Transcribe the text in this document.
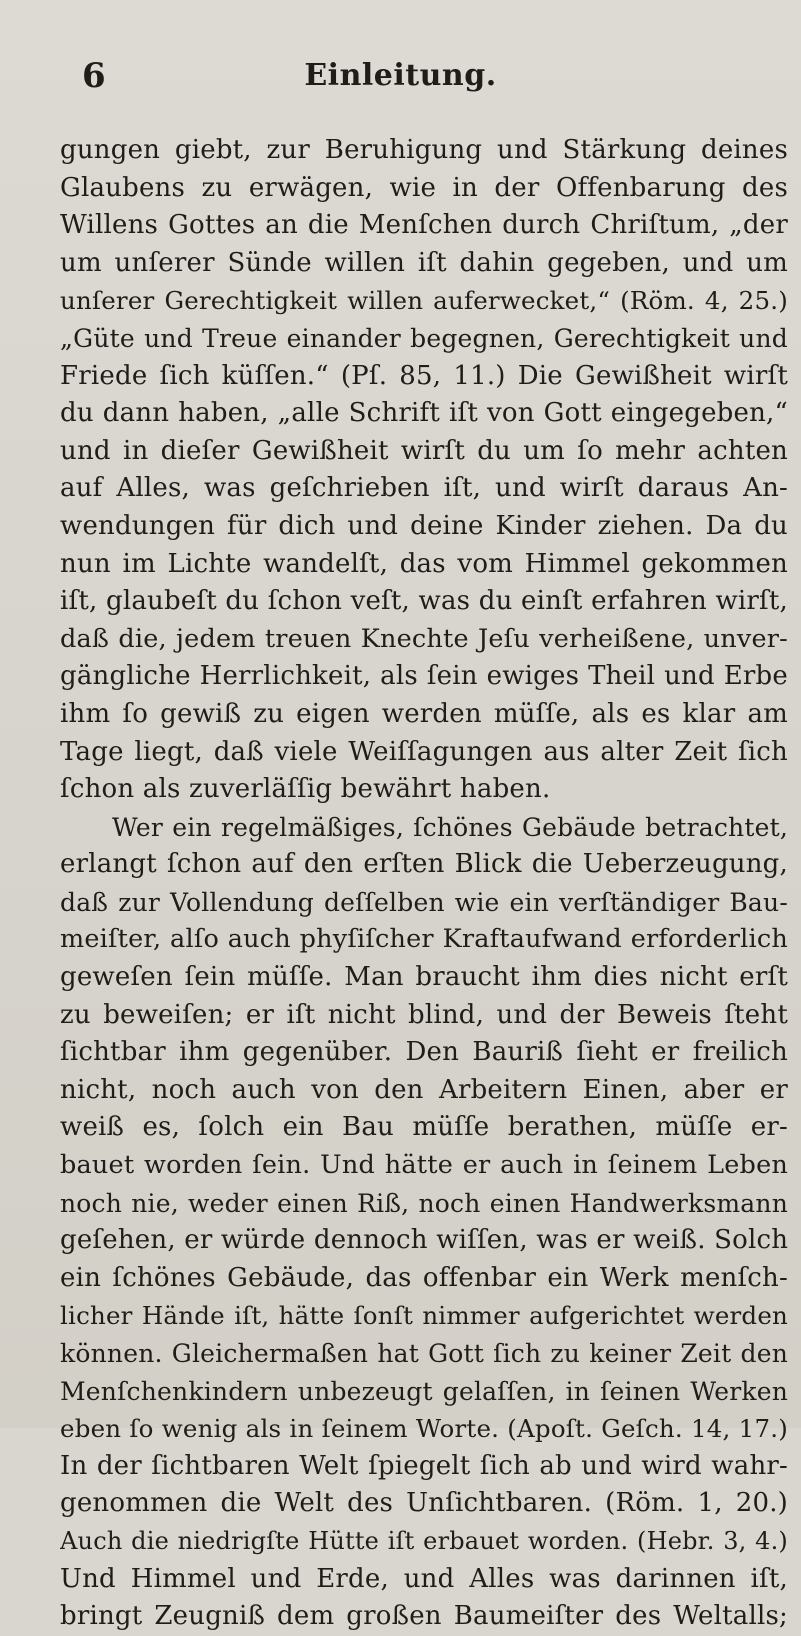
6	Einleitung.
gungen giebt, zur Beruhigung und Stärkung deines
Glaubens zu erwägen, wie in der Offenbarung des
Willens Gottes an die Menſchen durch Chriſtum, „der
um unſerer Sünde willen iſt dahin gegeben, und um
unſerer Gerechtigkeit willen auferwecket,“ (Röm. 4, 25.)
„Güte und Treue einander begegnen, Gerechtigkeit und
Friede ſich küſſen.“ (Pſ. 85, 11.) Die Gewißheit wirſt
du dann haben, „alle Schrift iſt von Gott eingegeben,“
und in dieſer Gewißheit wirſt du um ſo mehr achten
auf Alles, was geſchrieben iſt, und wirſt daraus An-
wendungen für dich und deine Kinder ziehen. Da du
nun im Lichte wandelſt, das vom Himmel gekommen
iſt, glaubeſt du ſchon veſt, was du einſt erfahren wirſt,
daß die, jedem treuen Knechte Jeſu verheißene, unver-
gängliche Herrlichkeit, als ſein ewiges Theil und Erbe
ihm ſo gewiß zu eigen werden müſſe, als es klar am
Tage liegt, daß viele Weiſſagungen aus alter Zeit ſich
ſchon als zuverläſſig bewährt haben.
Wer ein regelmäßiges, ſchönes Gebäude betrachtet,
erlangt ſchon auf den erſten Blick die Ueberzeugung,
daß zur Vollendung deſſelben wie ein verſtändiger Bau-
meiſter, alſo auch phyſiſcher Kraftaufwand erforderlich
geweſen ſein müſſe. Man braucht ihm dies nicht erſt
zu beweiſen; er iſt nicht blind, und der Beweis ſteht
ſichtbar ihm gegenüber. Den Bauriß ſieht er freilich
nicht, noch auch von den Arbeitern Einen, aber er
weiß es, ſolch ein Bau müſſe berathen, müſſe er-
bauet worden ſein. Und hätte er auch in ſeinem Leben
noch nie, weder einen Riß, noch einen Handwerksmann
geſehen, er würde dennoch wiſſen, was er weiß. Solch
ein ſchönes Gebäude, das offenbar ein Werk menſch-
licher Hände iſt, hätte ſonſt nimmer aufgerichtet werden
können. Gleichermaßen hat Gott ſich zu keiner Zeit den
Menſchenkindern unbezeugt gelaſſen, in ſeinen Werken
eben ſo wenig als in ſeinem Worte. (Apoſt. Geſch. 14, 17.)
In der ſichtbaren Welt ſpiegelt ſich ab und wird wahr-
genommen die Welt des Unſichtbaren. (Röm. 1, 20.)
Auch die niedrigſte Hütte iſt erbauet worden. (Hebr. 3, 4.)
Und Himmel und Erde, und Alles was darinnen iſt,
bringt Zeugniß dem großen Baumeiſter des Weltalls;
